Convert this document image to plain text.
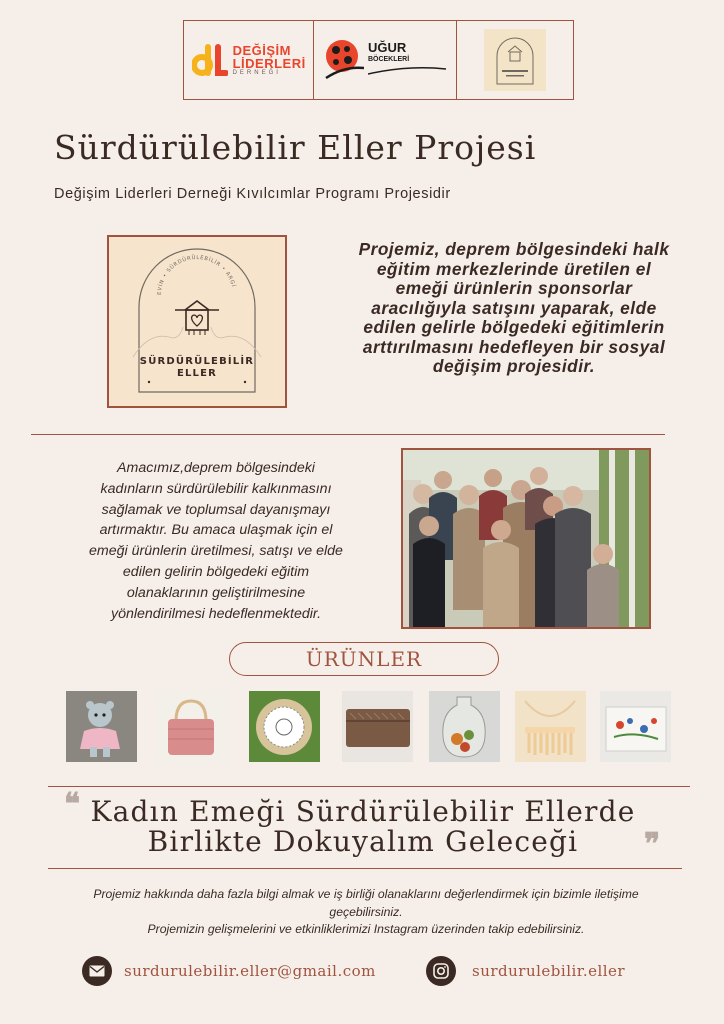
DEĞİŞİM
LİDERLERİ
DERNEĞİ
UĞUR
BÖCEKLERİ
Sürdürülebilir Eller Projesi
Değişim Liderleri Derneği Kıvılcımlar Programı Projesidir
EVİN • SÜRDÜRÜLEBİLİR • ARGİ
SÜRDÜRÜLEBİLİR
ELLER
Projemiz, deprem bölgesindeki halk eğitim merkezlerinde üretilen el emeği ürünlerin sponsorlar aracılığıyla satışını yaparak, elde edilen gelirle bölgedeki eğitimlerin arttırılmasını hedefleyen bir sosyal değişim projesidir.
Amacımız,deprem bölgesindeki
kadınların sürdürülebilir kalkınmasını
sağlamak ve toplumsal dayanışmayı
artırmaktır. Bu amaca ulaşmak için el
emeği ürünlerin üretilmesi, satışı ve elde
edilen gelirin bölgedeki eğitim
olanaklarının geliştirilmesine
yönlendirilmesi hedeflenmektedir.
ÜRÜNLER
❝ Kadın Emeği Sürdürülebilir Ellerde
Birlikte Dokuyalım Geleceği	❞
Projemiz hakkında daha fazla bilgi almak ve iş birliği olanaklarını değerlendirmek için bizimle iletişime
geçebilirsiniz.
Projemizin gelişmelerini ve etkinliklerimizi Instagram üzerinden takip edebilirsiniz.
surdurulebilir.eller@gmail.com	surdurulebilir.eller
